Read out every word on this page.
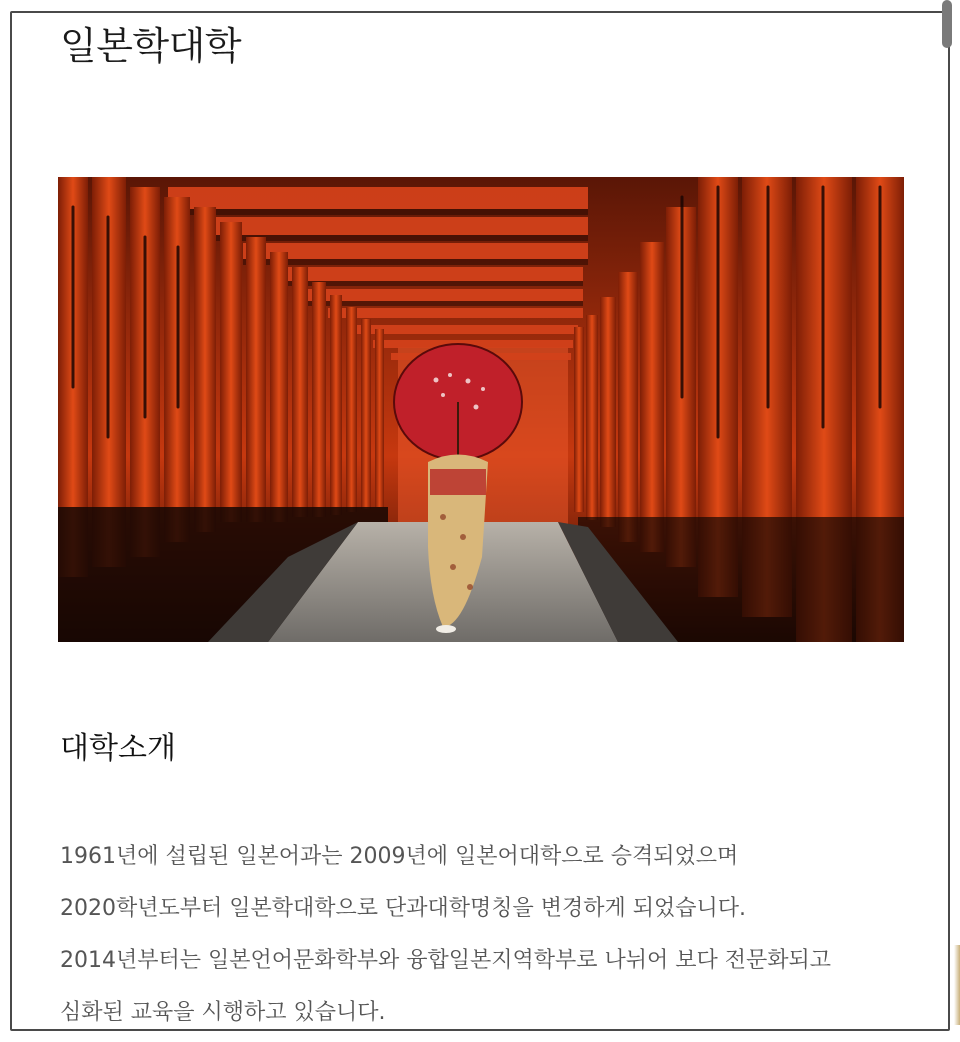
일본학대학
대학소개

1961년에 설립된 일본어과는 2009년에 일본어대학으로 승격되었으며
2020학년도부터 일본학대학으로 단과대학명칭을 변경하게 되었습니다.
2014년부터는 일본언어문화학부와 융합일본지역학부로 나뉘어 보다 전문화되고
심화된 교육을 시행하고 있습니다.
